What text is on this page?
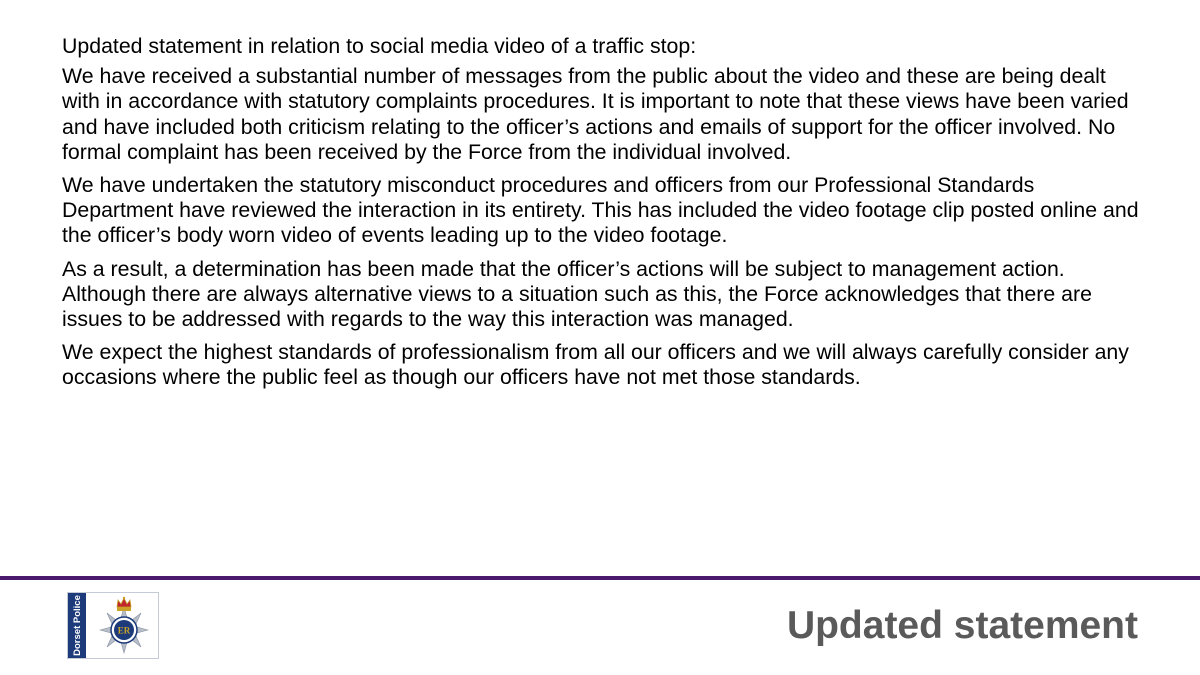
Updated statement in relation to social media video of a traffic stop:

We have received a substantial number of messages from the public about the video and these are being dealt with in accordance with statutory complaints procedures. It is important to note that these views have been varied and have included both criticism relating to the officer’s actions and emails of support for the officer involved. No formal complaint has been received by the Force from the individual involved.

We have undertaken the statutory misconduct procedures and officers from our Professional Standards Department have reviewed the interaction in its entirety. This has included the video footage clip posted online and the officer’s body worn video of events leading up to the video footage.

As a result, a determination has been made that the officer’s actions will be subject to management action. Although there are always alternative views to a situation such as this, the Force acknowledges that there are issues to be addressed with regards to the way this interaction was managed.

We expect the highest standards of professionalism from all our officers and we will always carefully consider any occasions where the public feel as though our officers have not met those standards.

Dorset Police	ER	Updated statement
